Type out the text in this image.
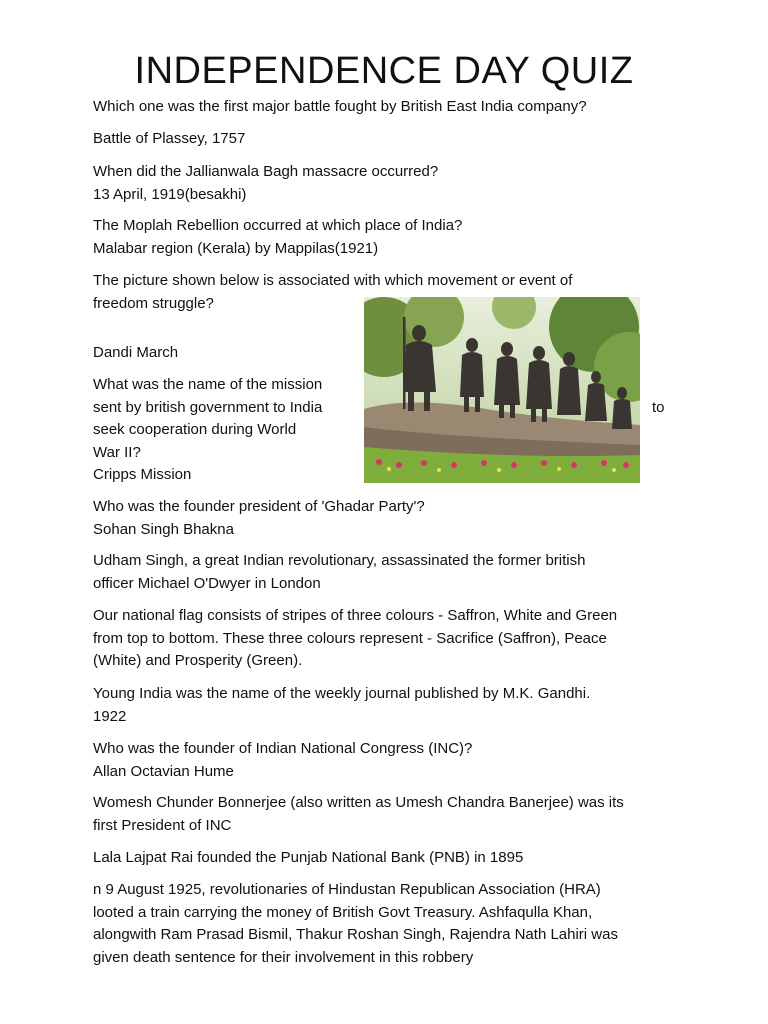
INDEPENDENCE DAY QUIZ
Which one was the first major battle fought by British East India company?
Battle of Plassey, 1757
When did the Jallianwala Bagh massacre occurred?
13 April, 1919(besakhi)
The Moplah Rebellion occurred at which place of India?
Malabar region (Kerala) by Mappilas(1921)
The picture shown below is associated with which movement or event of
freedom struggle?
Dandi March
What was the name of the mission
sent by british government to India
seek cooperation during World
War II?
Cripps Mission
to
Who was the founder president of 'Ghadar Party'?
Sohan Singh Bhakna
Udham Singh, a great Indian revolutionary, assassinated the former british
officer Michael O'Dwyer in London
Our national flag consists of stripes of three colours - Saffron, White and Green
from top to bottom. These three colours represent - Sacrifice (Saffron), Peace
(White) and Prosperity (Green).
Young India was the name of the weekly journal published by M.K. Gandhi.
1922
Who was the founder of Indian National Congress (INC)?
Allan Octavian Hume
Womesh Chunder Bonnerjee (also written as Umesh Chandra Banerjee) was its
first President of INC
Lala Lajpat Rai founded the Punjab National Bank (PNB) in 1895
n 9 August 1925, revolutionaries of Hindustan Republican Association (HRA)
looted a train carrying the money of British Govt Treasury. Ashfaqulla Khan,
alongwith Ram Prasad Bismil, Thakur Roshan Singh, Rajendra Nath Lahiri was
given death sentence for their involvement in this robbery
